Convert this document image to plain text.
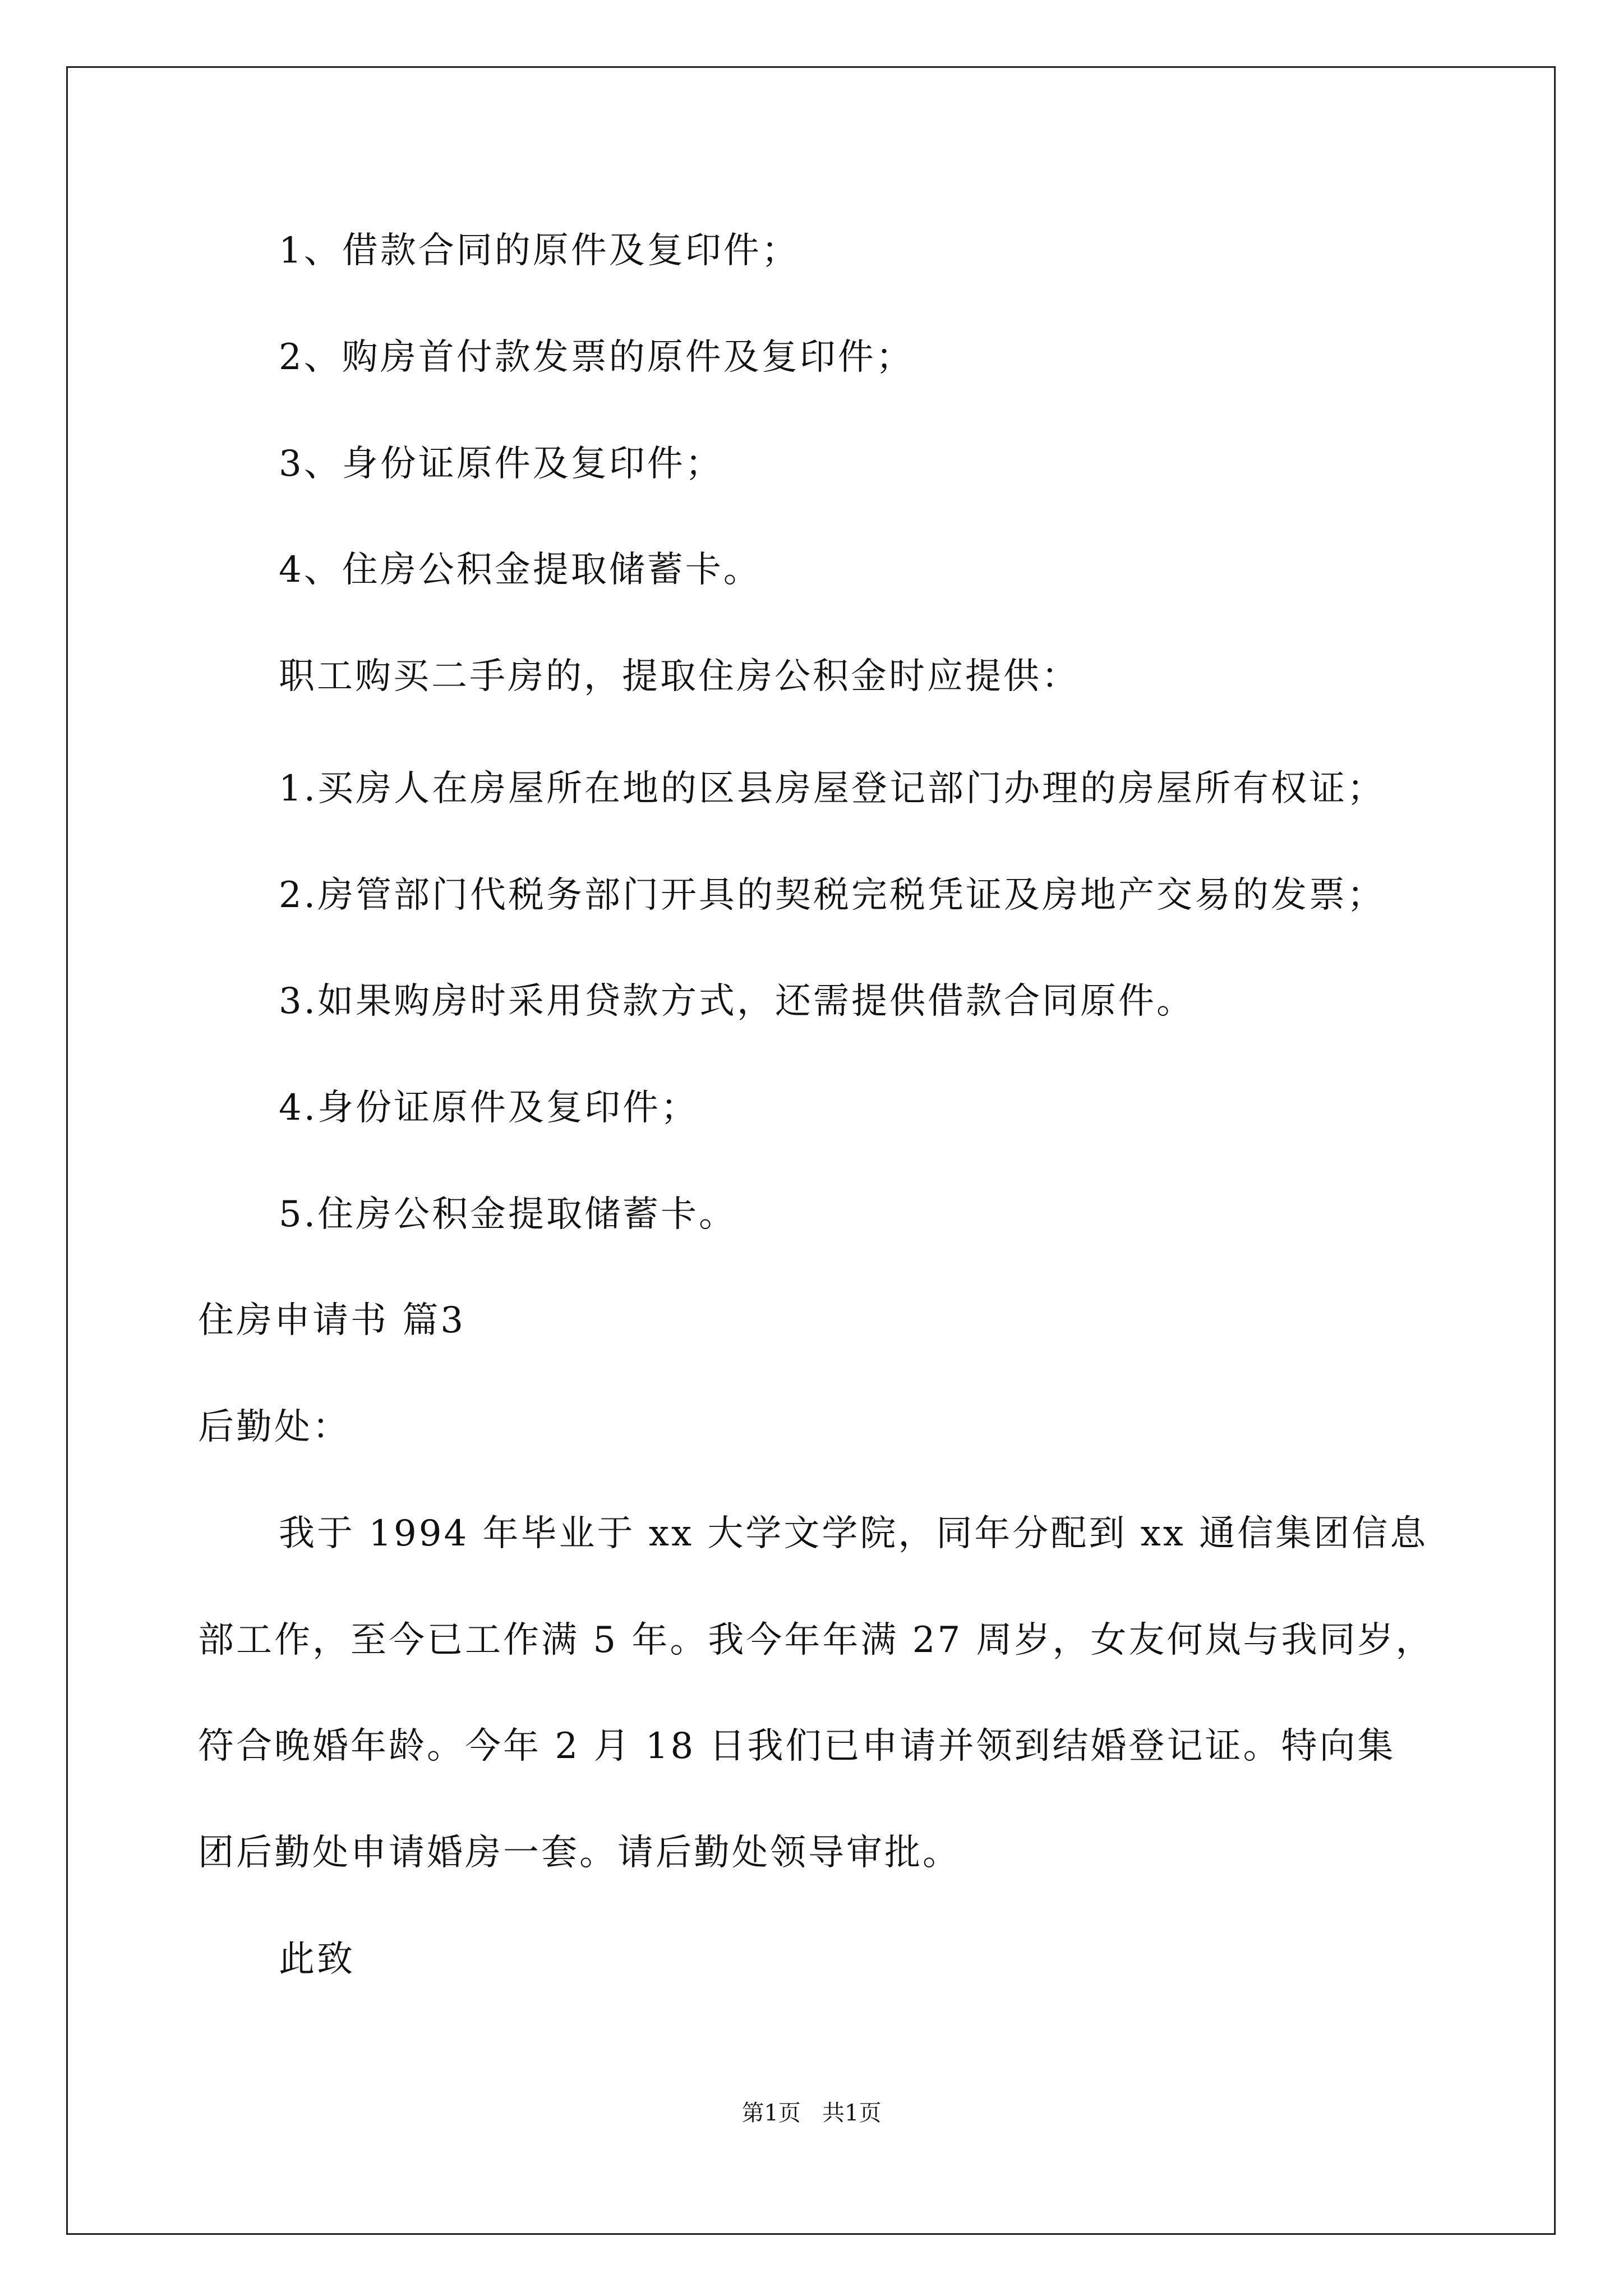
1、借款合同的原件及复印件；
2、购房首付款发票的原件及复印件；
3、身份证原件及复印件；
4、住房公积金提取储蓄卡。
职工购买二手房的，提取住房公积金时应提供：
1.买房人在房屋所在地的区县房屋登记部门办理的房屋所有权证；
2.房管部门代税务部门开具的契税完税凭证及房地产交易的发票；
3.如果购房时采用贷款方式，还需提供借款合同原件。
4.身份证原件及复印件；
5.住房公积金提取储蓄卡。
住房申请书 篇3
后勤处：
我于 1994 年毕业于 xx 大学文学院，同年分配到 xx 通信集团信息
部工作，至今已工作满 5 年。我今年年满 27 周岁，女友何岚与我同岁，
符合晚婚年龄。今年 2 月 18 日我们已申请并领到结婚登记证。特向集
团后勤处申请婚房一套。请后勤处领导审批。
此致
第1页   共1页
